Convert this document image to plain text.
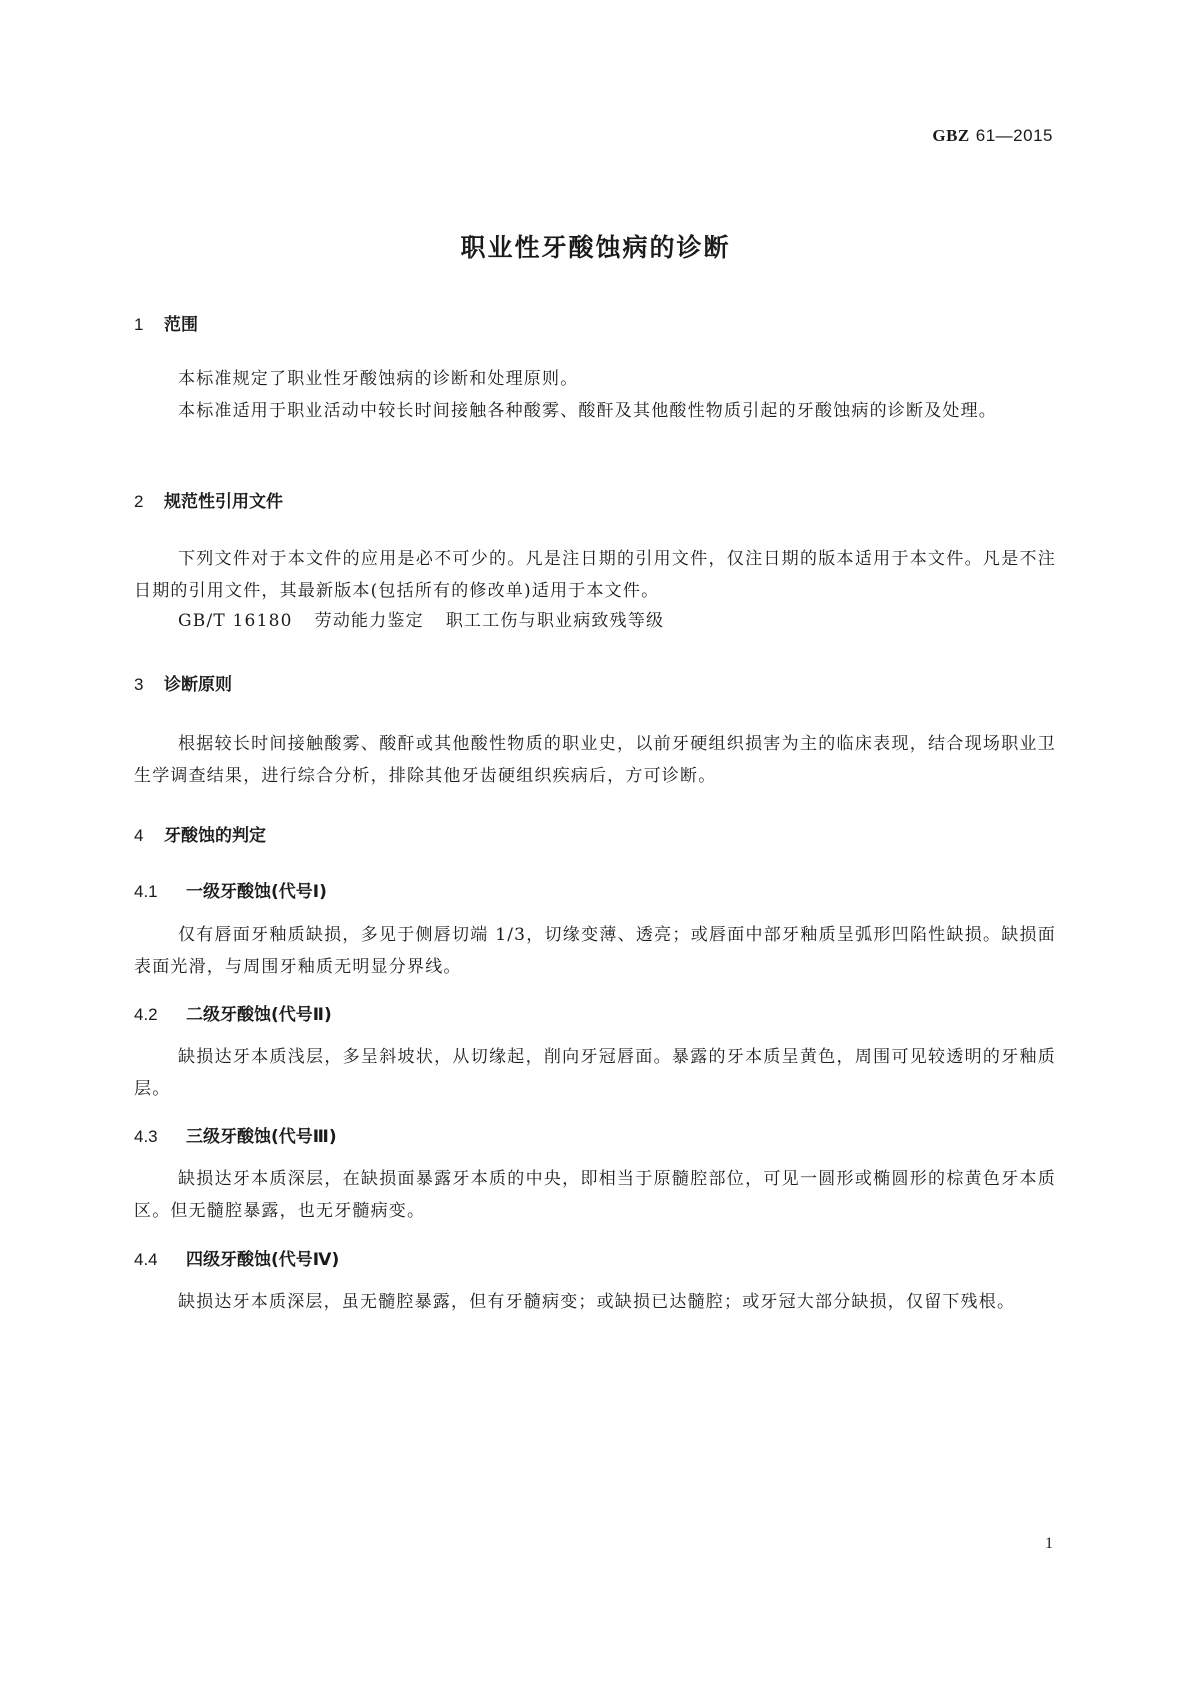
GBZ 61—2015
职业性牙酸蚀病的诊断
1 范围
本标准规定了职业性牙酸蚀病的诊断和处理原则。
本标准适用于职业活动中较长时间接触各种酸雾、酸酐及其他酸性物质引起的牙酸蚀病的诊断及处理。
2 规范性引用文件
下列文件对于本文件的应用是必不可少的。凡是注日期的引用文件，仅注日期的版本适用于本文件。凡是不注日期的引用文件，其最新版本(包括所有的修改单)适用于本文件。
GB/T 16180 劳动能力鉴定 职工工伤与职业病致残等级
3 诊断原则
根据较长时间接触酸雾、酸酐或其他酸性物质的职业史，以前牙硬组织损害为主的临床表现，结合现场职业卫生学调查结果，进行综合分析，排除其他牙齿硬组织疾病后，方可诊断。
4 牙酸蚀的判定
4.1 一级牙酸蚀(代号Ⅰ)
仅有唇面牙釉质缺损，多见于侧唇切端 1/3，切缘变薄、透亮；或唇面中部牙釉质呈弧形凹陷性缺损。缺损面表面光滑，与周围牙釉质无明显分界线。
4.2 二级牙酸蚀(代号Ⅱ)
缺损达牙本质浅层，多呈斜坡状，从切缘起，削向牙冠唇面。暴露的牙本质呈黄色，周围可见较透明的牙釉质层。
4.3 三级牙酸蚀(代号Ⅲ)
缺损达牙本质深层，在缺损面暴露牙本质的中央，即相当于原髓腔部位，可见一圆形或椭圆形的棕黄色牙本质区。但无髓腔暴露，也无牙髓病变。
4.4 四级牙酸蚀(代号Ⅳ)
缺损达牙本质深层，虽无髓腔暴露，但有牙髓病变；或缺损已达髓腔；或牙冠大部分缺损，仅留下残根。
1
